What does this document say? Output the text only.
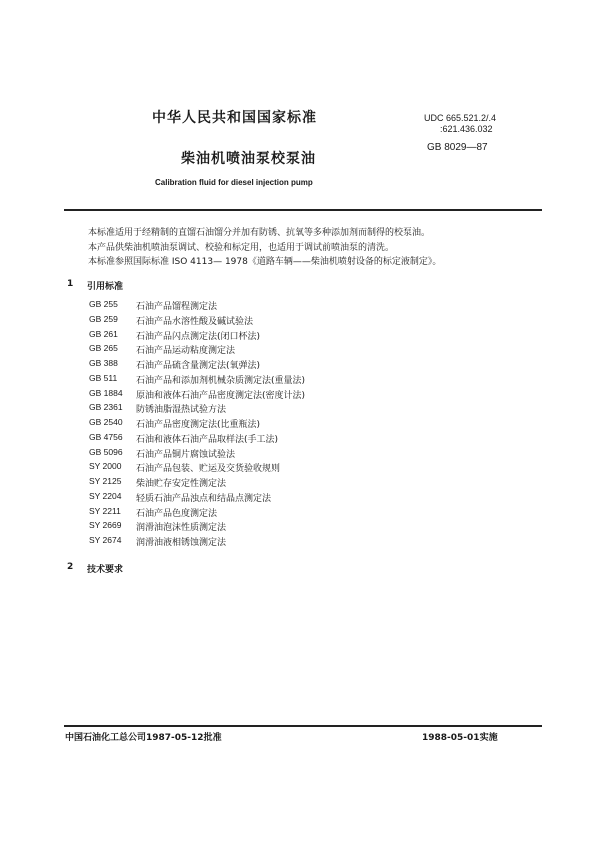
中华人民共和国国家标准	UDC 665.521.2/.4
:621.436.032
GB 8029—87
柴油机喷油泵校泵油
Calibration fluid for diesel injection pump
本标准适用于经精制的直馏石油馏分并加有防锈、抗氧等多种添加剂而制得的校泵油。
本产品供柴油机喷油泵调试、校验和标定用，也适用于调试前喷油泵的清洗。
本标准参照国际标准 ISO 4113— 1978《道路车辆——柴油机喷射设备的标定液制定》。
1 引用标准
GB 255 石油产品馏程测定法
GB 259 石油产品水溶性酸及碱试验法
GB 261 石油产品闪点测定法(闭口杯法)
GB 265 石油产品运动粘度测定法
GB 388 石油产品硫含量测定法(氧弹法)
GB 511 石油产品和添加剂机械杂质测定法(重量法)
GB 1884 原油和液体石油产品密度测定法(密度计法)
GB 2361 防锈油脂湿热试验方法
GB 2540 石油产品密度测定法(比重瓶法)
GB 4756 石油和液体石油产品取样法(手工法)
GB 5096 石油产品铜片腐蚀试验法
SY 2000 石油产品包装、贮运及交货验收规则
SY 2125 柴油贮存安定性测定法
SY 2204 轻质石油产品浊点和结晶点测定法
SY 2211 石油产品色度测定法
SY 2669 润滑油泡沫性质测定法
SY 2674 润滑油液相锈蚀测定法
2 技术要求
中国石油化工总公司1987-05-12批准	1988-05-01实施
